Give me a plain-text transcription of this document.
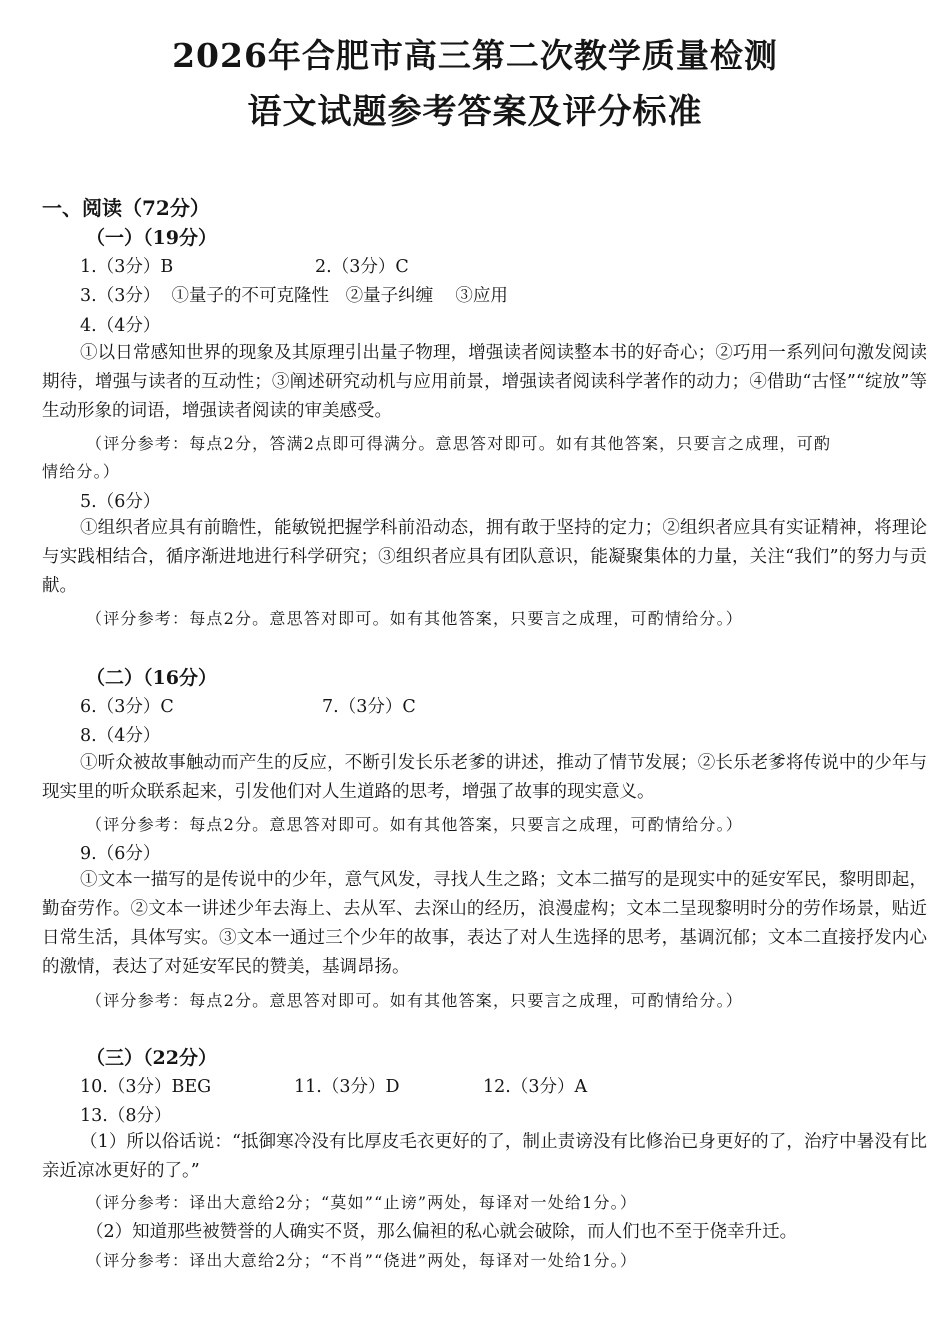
2026年合肥市高三第二次教学质量检测
语文试题参考答案及评分标准
一、阅读（72分）
（一）（19分）
1.（3分）B	2.（3分）C
3.（3分）  ①量子的不可克隆性   ②量子纠缠    ③应用
4.（4分）
①以日常感知世界的现象及其原理引出量子物理，增强读者阅读整本书的好奇心；②巧用一系列问句激发阅读期待，增强与读者的互动性；③阐述研究动机与应用前景，增强读者阅读科学著作的动力；④借助“古怪”“绽放”等生动形象的词语，增强读者阅读的审美感受。
（评分参考：每点2分，答满2点即可得满分。意思答对即可。如有其他答案，只要言之成理，可酌
情给分。）
5.（6分）
①组织者应具有前瞻性，能敏锐把握学科前沿动态，拥有敢于坚持的定力；②组织者应具有实证精神，将理论与实践相结合，循序渐进地进行科学研究；③组织者应具有团队意识，能凝聚集体的力量，关注“我们”的努力与贡献。
（评分参考：每点2分。意思答对即可。如有其他答案，只要言之成理，可酌情给分。）
（二）（16分）
6.（3分）C	7.（3分）C
8.（4分）
①听众被故事触动而产生的反应，不断引发长乐老爹的讲述，推动了情节发展；②长乐老爹将传说中的少年与现实里的听众联系起来，引发他们对人生道路的思考，增强了故事的现实意义。
（评分参考：每点2分。意思答对即可。如有其他答案，只要言之成理，可酌情给分。）
9.（6分）
①文本一描写的是传说中的少年，意气风发，寻找人生之路；文本二描写的是现实中的延安军民，黎明即起，勤奋劳作。②文本一讲述少年去海上、去从军、去深山的经历，浪漫虚构；文本二呈现黎明时分的劳作场景，贴近日常生活，具体写实。③文本一通过三个少年的故事，表达了对人生选择的思考，基调沉郁；文本二直接抒发内心的激情，表达了对延安军民的赞美，基调昂扬。
（评分参考：每点2分。意思答对即可。如有其他答案，只要言之成理，可酌情给分。）
（三）（22分）
10.（3分）BEG	11.（3分）D	12.（3分）A
13.（8分）
（1）所以俗话说：“抵御寒冷没有比厚皮毛衣更好的了，制止责谤没有比修治已身更好的了，治疗中暑没有比亲近凉冰更好的了。”
（评分参考：译出大意给2分；“莫如”“止谤”两处，每译对一处给1分。）
（2）知道那些被赞誉的人确实不贤，那么偏袒的私心就会破除，而人们也不至于侥幸升迁。
（评分参考：译出大意给2分；“不肖”“侥进”两处，每译对一处给1分。）
